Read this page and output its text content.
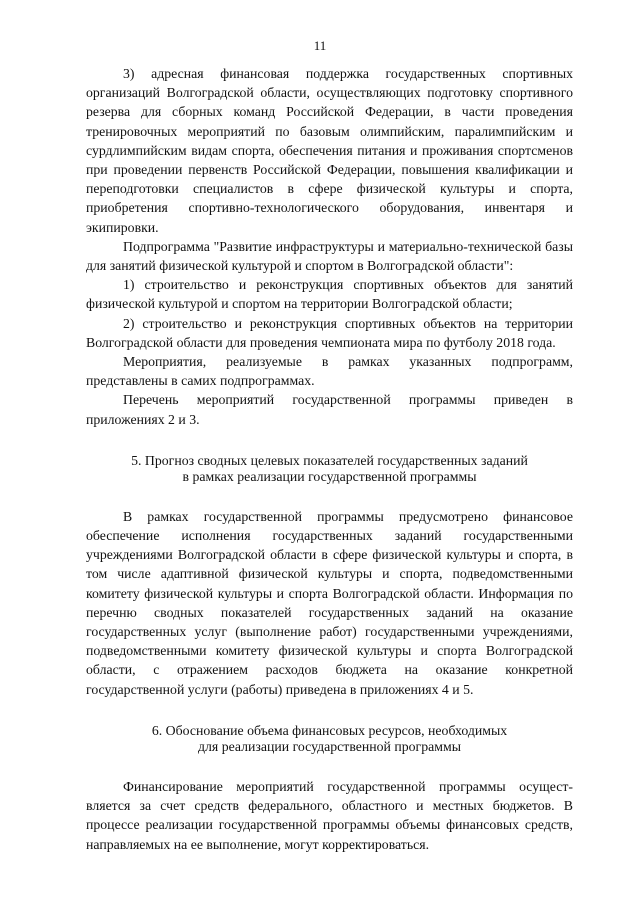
11

3) адресная финансовая поддержка государственных спортивных организаций Волгоградской области, осуществляющих подготовку спортивного резерва для сборных команд Российской Федерации, в части проведения тренировочных мероприятий по базовым олимпийским, паралимпийским и сурдлимпийским видам спорта, обеспечения питания и проживания спортсменов при проведении первенств Российской Федерации, повышения квалификации и переподготовки специалистов в сфере физической культуры и спорта, приобретения спортивно-технологического оборудования, инвентаря и экипировки.

Подпрограмма "Развитие инфраструктуры и материально-технической базы для занятий физической культурой и спортом в Волгоградской области":

1) строительство и реконструкция спортивных объектов для занятий физической культурой и спортом на территории Волгоградской области;

2) строительство и реконструкция спортивных объектов на территории Волгоградской области для проведения чемпионата мира по футболу 2018 года.

Мероприятия, реализуемые в рамках указанных подпрограмм, представлены в самих подпрограммах.

Перечень мероприятий государственной программы приведен в приложениях 2 и 3.

5. Прогноз сводных целевых показателей государственных заданий
в рамках реализации государственной программы

В рамках государственной программы предусмотрено финансовое обеспечение исполнения государственных заданий государственными учреждениями Волгоградской области в сфере физической культуры и спорта, в том числе адаптивной физической культуры и спорта, подведомственными комитету физической культуры и спорта Волгоградской области. Информация по перечню сводных показателей государственных заданий на оказание государственных услуг (выполнение работ) государственными учреждениями, подведомственными комитету физической культуры и спорта Волгоградской области, с отражением расходов бюджета на оказание конкретной государственной услуги (работы) приведена в приложениях 4 и 5.

6. Обоснование объема финансовых ресурсов, необходимых
для реализации государственной программы

Финансирование мероприятий государственной программы осущест-вляется за счет средств федерального, областного и местных бюджетов. В процессе реализации государственной программы объемы финансовых средств, направляемых на ее выполнение, могут корректироваться.
